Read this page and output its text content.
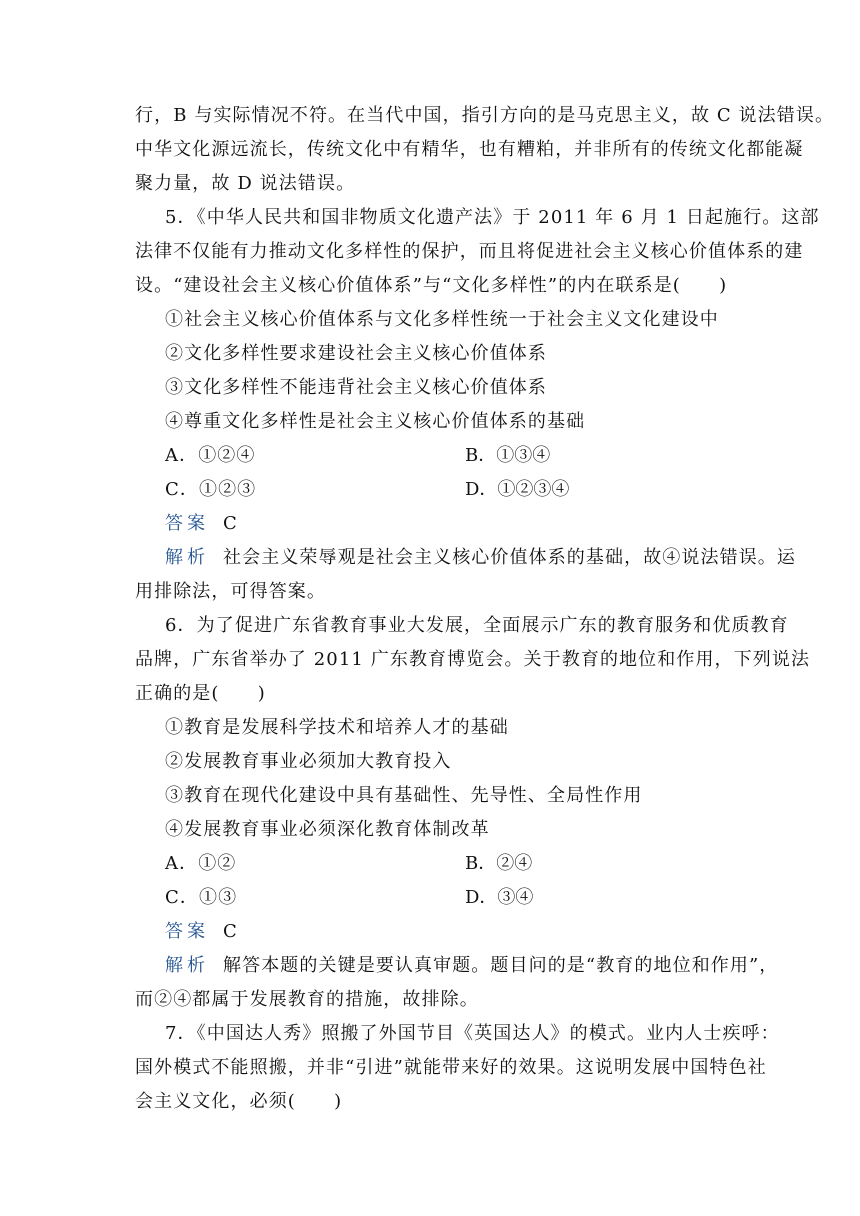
行，B 与实际情况不符。在当代中国，指引方向的是马克思主义，故 C 说法错误。
中华文化源远流长，传统文化中有精华，也有糟粕，并非所有的传统文化都能凝
聚力量，故 D 说法错误。
5．《中华人民共和国非物质文化遗产法》于 2011 年 6 月 1 日起施行。这部
法律不仅能有力推动文化多样性的保护，而且将促进社会主义核心价值体系的建
设。“建设社会主义核心价值体系”与“文化多样性”的内在联系是(　　)
①社会主义核心价值体系与文化多样性统一于社会主义文化建设中
②文化多样性要求建设社会主义核心价值体系
③文化多样性不能违背社会主义核心价值体系
④尊重文化多样性是社会主义核心价值体系的基础
A．①②④	B．①③④
C．①②③	D．①②③④
答案 C
解析 社会主义荣辱观是社会主义核心价值体系的基础，故④说法错误。运
用排除法，可得答案。
6．为了促进广东省教育事业大发展，全面展示广东的教育服务和优质教育
品牌，广东省举办了 2011 广东教育博览会。关于教育的地位和作用，下列说法
正确的是(　　)
①教育是发展科学技术和培养人才的基础
②发展教育事业必须加大教育投入
③教育在现代化建设中具有基础性、先导性、全局性作用
④发展教育事业必须深化教育体制改革
A．①②	B．②④
C．①③	D．③④
答案 C
解析 解答本题的关键是要认真审题。题目问的是“教育的地位和作用”，
而②④都属于发展教育的措施，故排除。
7．《中国达人秀》照搬了外国节目《英国达人》的模式。业内人士疾呼：
国外模式不能照搬，并非“引进”就能带来好的效果。这说明发展中国特色社
会主义文化，必须(　　)
